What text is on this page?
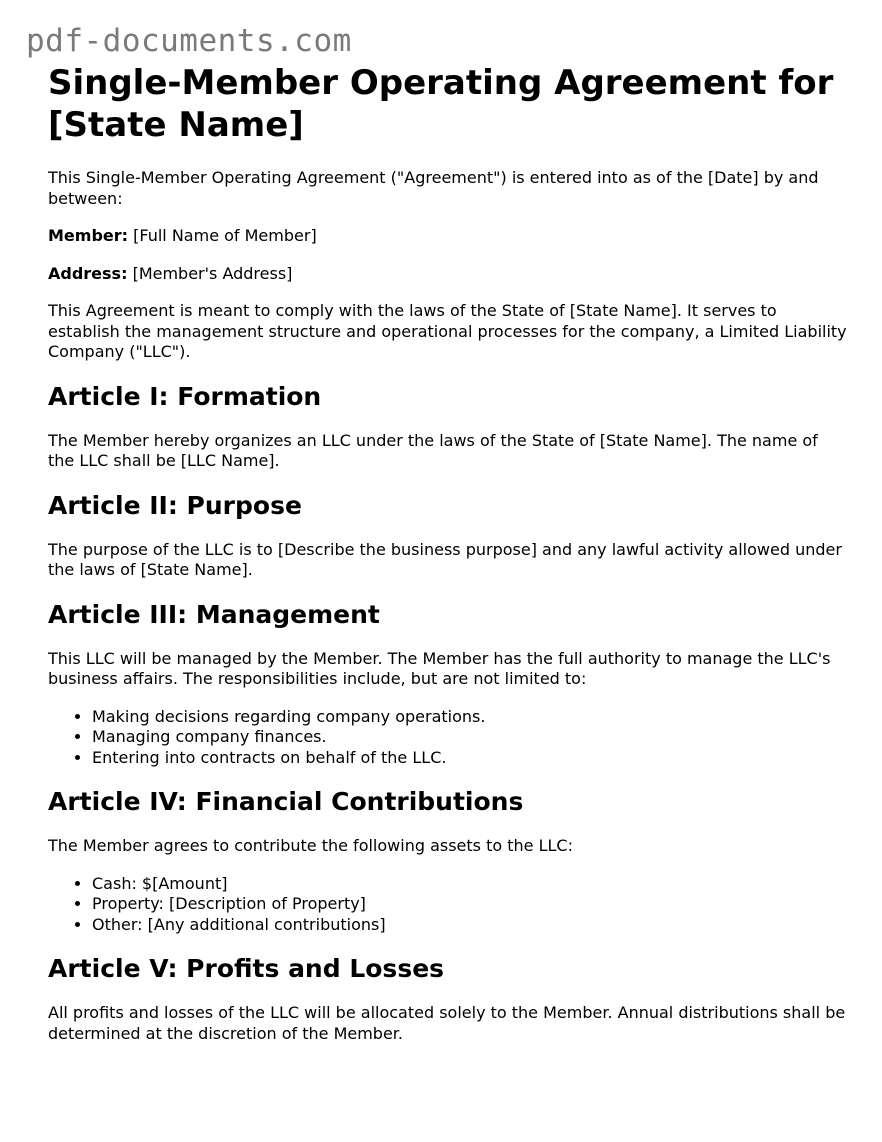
pdf-documents.com
Single-Member Operating Agreement for [State Name]

This Single-Member Operating Agreement ("Agreement") is entered into as of the [Date] by and between:

Member: [Full Name of Member]

Address: [Member's Address]

This Agreement is meant to comply with the laws of the State of [State Name]. It serves to establish the management structure and operational processes for the company, a Limited Liability Company ("LLC").

Article I: Formation

The Member hereby organizes an LLC under the laws of the State of [State Name]. The name of the LLC shall be [LLC Name].

Article II: Purpose

The purpose of the LLC is to [Describe the business purpose] and any lawful activity allowed under the laws of [State Name].

Article III: Management

This LLC will be managed by the Member. The Member has the full authority to manage the LLC's business affairs. The responsibilities include, but are not limited to:

• Making decisions regarding company operations.
• Managing company finances.
• Entering into contracts on behalf of the LLC.
Article IV: Financial Contributions

The Member agrees to contribute the following assets to the LLC:

• Cash: $[Amount]
• Property: [Description of Property]
• Other: [Any additional contributions]
Article V: Profits and Losses

All profits and losses of the LLC will be allocated solely to the Member. Annual distributions shall be determined at the discretion of the Member.
